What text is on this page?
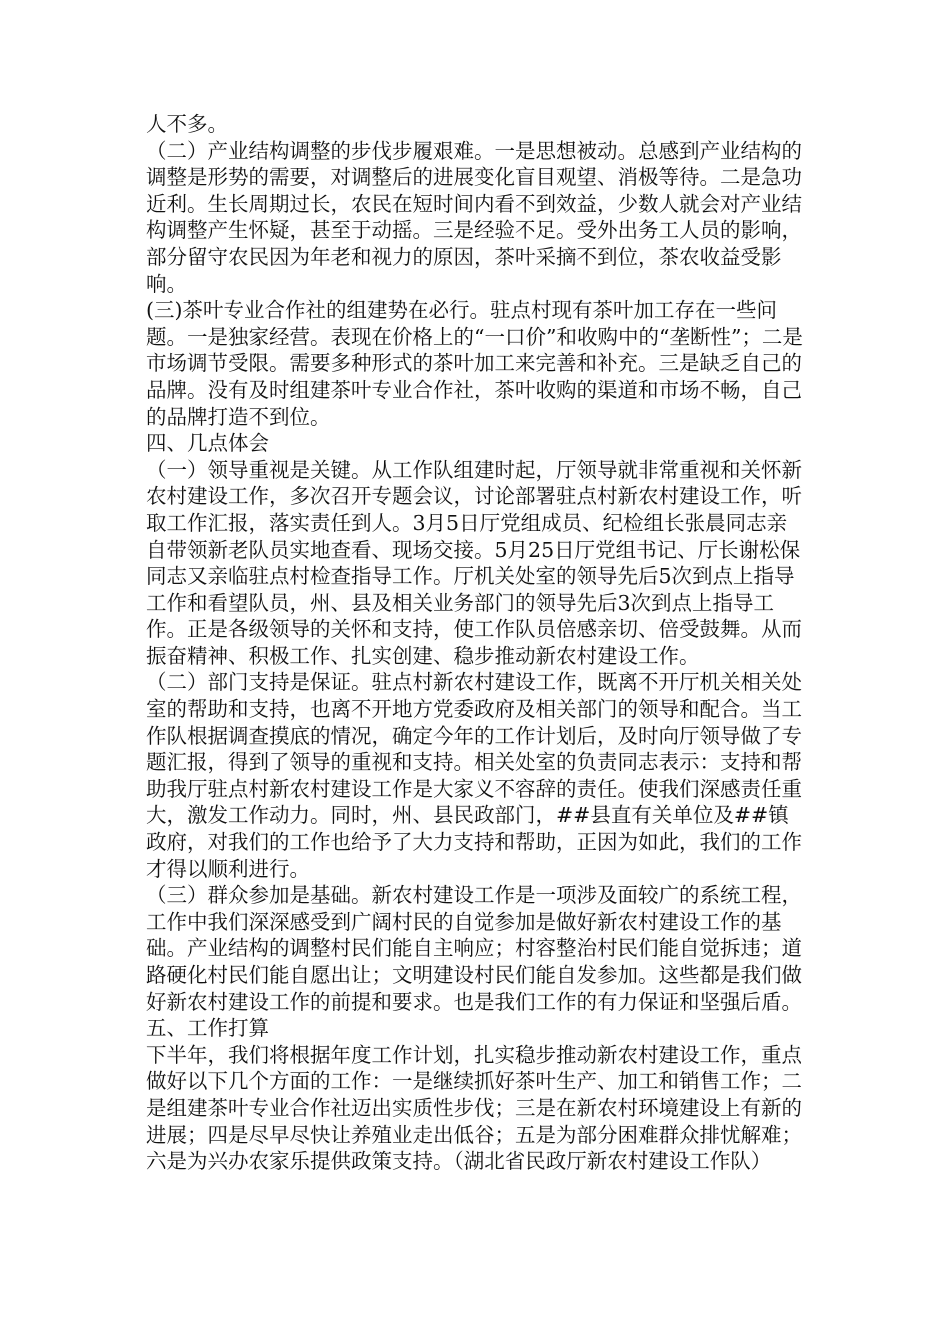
人不多。

（二）产业结构调整的步伐步履艰难。一是思想被动。总感到产业结构的调整是形势的需要，对调整后的进展变化盲目观望、消极等待。二是急功近利。生长周期过长，农民在短时间内看不到效益，少数人就会对产业结构调整产生怀疑，甚至于动摇。三是经验不足。受外出务工人员的影响，部分留守农民因为年老和视力的原因，茶叶采摘不到位，茶农收益受影响。

(三)茶叶专业合作社的组建势在必行。驻点村现有茶叶加工存在一些问题。一是独家经营。表现在价格上的“一口价”和收购中的“垄断性”；二是市场调节受限。需要多种形式的茶叶加工来完善和补充。三是缺乏自己的品牌。没有及时组建茶叶专业合作社，茶叶收购的渠道和市场不畅，自己的品牌打造不到位。

四、几点体会

（一）领导重视是关键。从工作队组建时起，厅领导就非常重视和关怀新农村建设工作，多次召开专题会议，讨论部署驻点村新农村建设工作，听取工作汇报，落实责任到人。3月5日厅党组成员、纪检组长张晨同志亲自带领新老队员实地查看、现场交接。5月25日厅党组书记、厅长谢松保同志又亲临驻点村检查指导工作。厅机关处室的领导先后5次到点上指导工作和看望队员，州、县及相关业务部门的领导先后3次到点上指导工作。正是各级领导的关怀和支持，使工作队员倍感亲切、倍受鼓舞。从而振奋精神、积极工作、扎实创建、稳步推动新农村建设工作。

（二）部门支持是保证。驻点村新农村建设工作，既离不开厅机关相关处室的帮助和支持，也离不开地方党委政府及相关部门的领导和配合。当工作队根据调查摸底的情况，确定今年的工作计划后，及时向厅领导做了专题汇报，得到了领导的重视和支持。相关处室的负责同志表示：支持和帮助我厅驻点村新农村建设工作是大家义不容辞的责任。使我们深感责任重大，激发工作动力。同时，州、县民政部门，##县直有关单位及##镇政府，对我们的工作也给予了大力支持和帮助，正因为如此，我们的工作才得以顺利进行。

（三）群众参加是基础。新农村建设工作是一项涉及面较广的系统工程，工作中我们深深感受到广阔村民的自觉参加是做好新农村建设工作的基础。产业结构的调整村民们能自主响应；村容整治村民们能自觉拆违；道路硬化村民们能自愿出让；文明建设村民们能自发参加。这些都是我们做好新农村建设工作的前提和要求。也是我们工作的有力保证和坚强后盾。

五、工作打算

下半年，我们将根据年度工作计划，扎实稳步推动新农村建设工作，重点做好以下几个方面的工作：一是继续抓好茶叶生产、加工和销售工作；二是组建茶叶专业合作社迈出实质性步伐；三是在新农村环境建设上有新的进展；四是尽早尽快让养殖业走出低谷；五是为部分困难群众排忧解难；六是为兴办农家乐提供政策支持。（湖北省民政厅新农村建设工作队）
